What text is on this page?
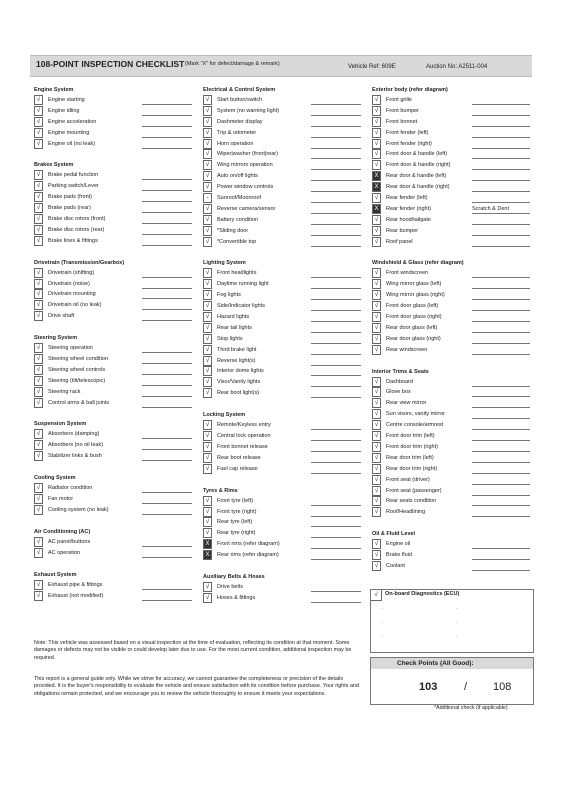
108-POINT INSPECTION CHECKLIST (Mark "X" for defect/damage & remark)
Vehicle Ref: 609E	Auction No: A2511-004
Engine System
√	Engine starting
√	Engine idling
√	Engine acceleration
√	Engine mounting
√	Engine oil (no leak)
Brakes System
√	Brake pedal function
√	Parking switch/Lever
√	Brake pads (front)
√	Brake pads (rear)
√	Brake disc rotors (front)
√	Brake disc rotors (rear)
√	Brake lines & fittings
Drivetrain (Transmission/Gearbox)
√	Drivetrain (shifting)
√	Drivetrain (noise)
√	Drivetrain mounting
√	Drivetrain oil (no leak)
√	Drive shaft
Steering System
√	Steering operation
√	Steering wheel condition
√	Steering wheel controls
√	Steering (tilt/telescopic)
√	Steering rack
√	Control arms & ball joints
Suspension System
√	Absorbers (damping)
√	Absorbers (no oil leak)
√	Stabilizer links & bush
Cooling System
√	Radiator condition
√	Fan motor
√	Cooling system (no leak)
Air Conditioning (AC)
√	AC panel/buttons
√	AC operation
Exhaust System
√	Exhaust pipe & fittings
√	Exhaust (not modified)
Electrical & Control System
√	Start button/switch
√	System (no warning light)
√	Dashmeter display
√	Trip & odometer
√	Horn operation
√	Wiper|washer (front|rear)
√	Wing mirrors operation
√	Auto on/off lights
√	Power window controls
-	Sunroof/Moonroof
√	Reverse camera/sensor
√	Battery condition
√	*Sliding door
√	*Convertible top
Lighting System
√	Front headlights
√	Daytime running light
√	Fog lights
√	Side/Indicator lights
√	Hazard lights
√	Rear tail lights
√	Stop lights
√	Third brake light
√	Reverse light(s)
√	Interior dome lights
√	Visor/Vanity lights
√	Rear boot light(s)
Locking System
√	Remote/Keyless entry
√	Central lock operation
√	Front bonnet release
√	Rear boot release
√	Fuel cap release
Tyres & Rims
√	Front tyre (left)
√	Front tyre (right)
√	Rear tyre (left)
√	Rear tyre (right)
X	Front rims (refer diagram)
X	Rear rims (refer diagram)
Auxiliary Belts & Hoses
√	Drive belts
√	Hoses & fittings
Exterior body (refer diagram)
√	Front grille
√	Front bumper
√	Front bonnet
√	Front fender (left)
√	Front fender (right)
√	Front door & handle (left)
√	Front door & handle (right)
X	Rear door & handle (left)
X	Rear door & handle (right)
√	Rear fender (left)
X	Rear fender (right)	Scratch & Dent
√	Rear hood/tailgate
√	Rear bumper
√	Roof panel
Windshield & Glass (refer diagram)
√	Front windscreen
√	Wing mirror glass (left)
√	Wing mirror glass (right)
√	Front door glass (left)
√	Front door glass (right)
√	Rear door glass (left)
√	Rear door glass (right)
√	Rear windscreen
Interior Trims & Seats
√	Dashboard
√	Glove box
√	Rear view mirror
√	Sun visors, vanity mirror
√	Centre console/armrest
√	Front door trim (left)
√	Front door trim (right)
√	Rear door trim (left)
√	Rear door trim (right)
√	Front seat (driver)
√	Front seat (passenger)
√	Rear seats condition
√	Roof/Headlining
Oil & Fluid Level
√	Engine oil
√	Brake fluid
√	Coolant
√	On-board Diagnostics (ECU)
-	-
-	-
-	-
Note: This vehicle was assessed based on a visual inspection at the time of evaluation, reflecting its condition at that moment. Some damages or defects may not be visible or could develop later due to use. For the most current condition, additional inspection may be required.
This report is a general guide only. While we strive for accuracy, we cannot guarantee the completeness or precision of the details provided. It is the buyer's responsibility to evaluate the vehicle and ensure satisfaction with its condition before purchase. Your rights and obligations remain protected, and we encourage you to review the vehicle thoroughly to ensure it meets your expectations.
Check Points (All Good):
103 / 108
*Additional check (if applicable)
